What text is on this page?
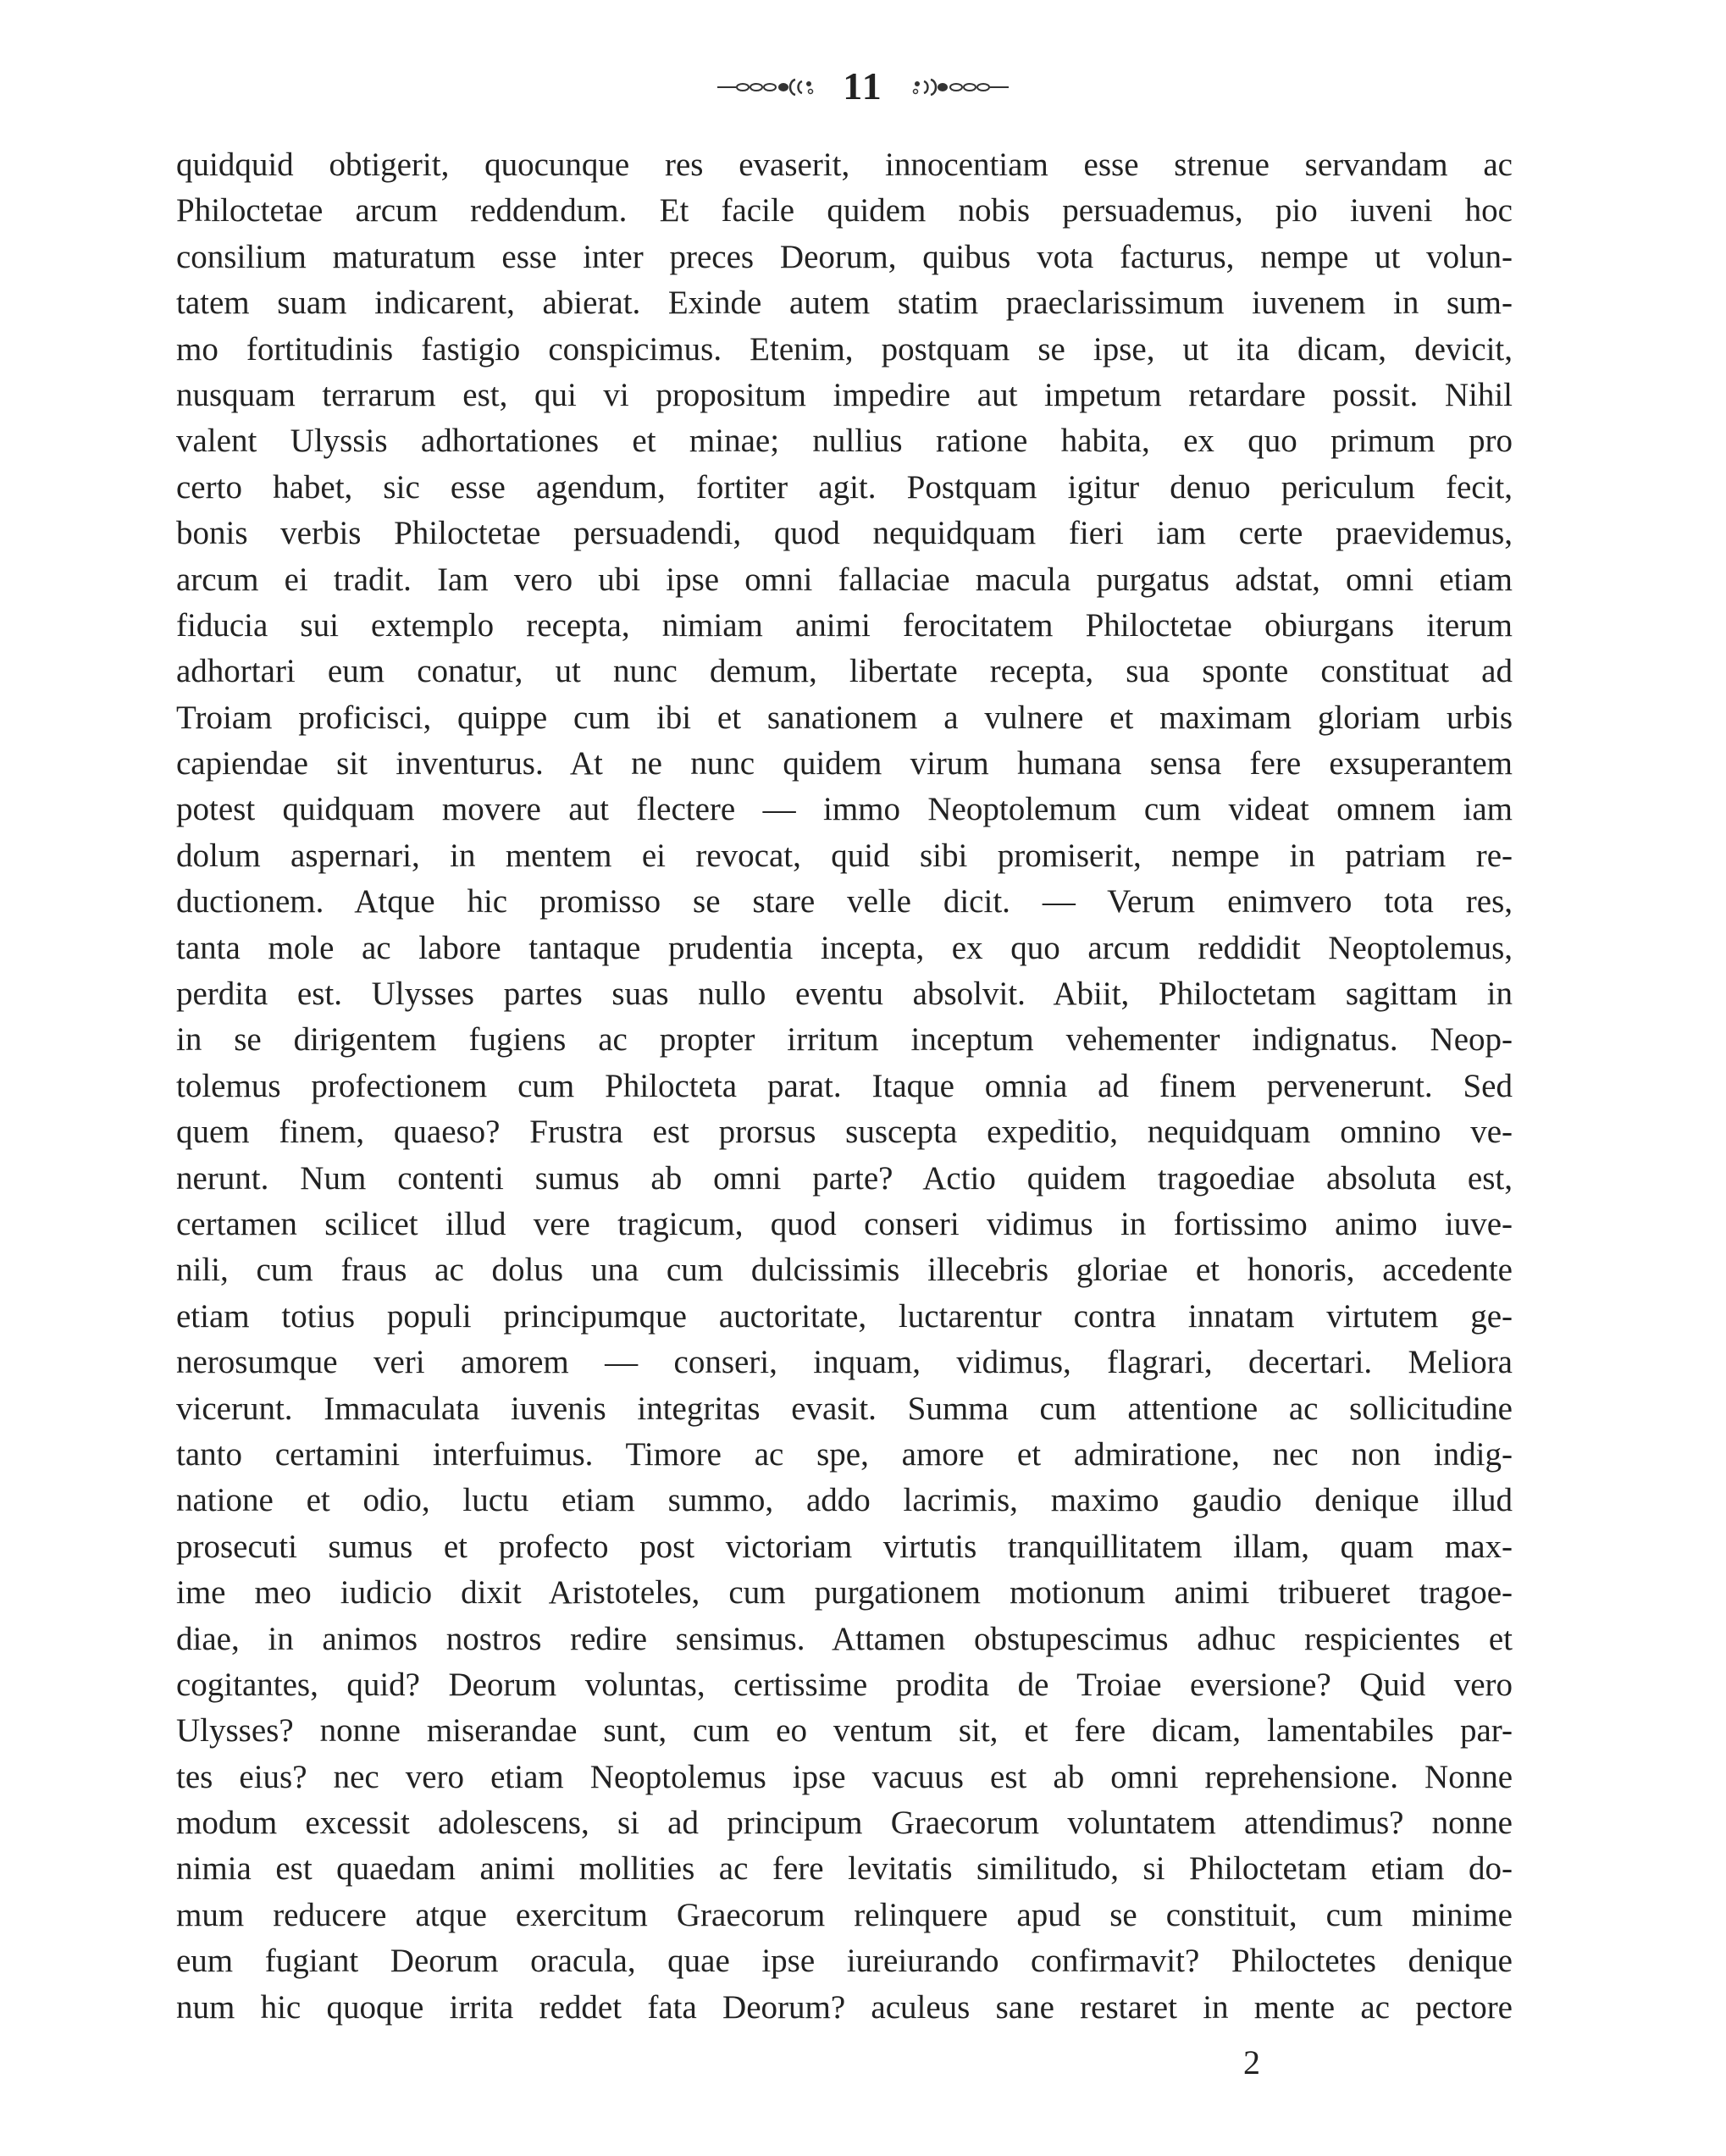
11
quidquid obtigerit, quocunque res evaserit, innocentiam esse strenue servandam ac
Philoctetae arcum reddendum. Et facile quidem nobis persuademus, pio iuveni hoc
consilium maturatum esse inter preces Deorum, quibus vota facturus, nempe ut volun-
tatem suam indicarent, abierat. Exinde autem statim praeclarissimum iuvenem in sum-
mo fortitudinis fastigio conspicimus. Etenim, postquam se ipse, ut ita dicam, devicit,
nusquam terrarum est, qui vi propositum impedire aut impetum retardare possit. Nihil
valent Ulyssis adhortationes et minae; nullius ratione habita, ex quo primum pro
certo habet, sic esse agendum, fortiter agit. Postquam igitur denuo periculum fecit,
bonis verbis Philoctetae persuadendi, quod nequidquam fieri iam certe praevidemus,
arcum ei tradit. Iam vero ubi ipse omni fallaciae macula purgatus adstat, omni etiam
fiducia sui extemplo recepta, nimiam animi ferocitatem Philoctetae obiurgans iterum
adhortari eum conatur, ut nunc demum, libertate recepta, sua sponte constituat ad
Troiam proficisci, quippe cum ibi et sanationem a vulnere et maximam gloriam urbis
capiendae sit inventurus. At ne nunc quidem virum humana sensa fere exsuperantem
potest quidquam movere aut flectere — immo Neoptolemum cum videat omnem iam
dolum aspernari, in mentem ei revocat, quid sibi promiserit, nempe in patriam re-
ductionem. Atque hic promisso se stare velle dicit. — Verum enimvero tota res,
tanta mole ac labore tantaque prudentia incepta, ex quo arcum reddidit Neoptolemus,
perdita est. Ulysses partes suas nullo eventu absolvit. Abiit, Philoctetam sagittam in
in se dirigentem fugiens ac propter irritum inceptum vehementer indignatus. Neop-
tolemus profectionem cum Philocteta parat. Itaque omnia ad finem pervenerunt. Sed
quem finem, quaeso? Frustra est prorsus suscepta expeditio, nequidquam omnino ve-
nerunt. Num contenti sumus ab omni parte? Actio quidem tragoediae absoluta est,
certamen scilicet illud vere tragicum, quod conseri vidimus in fortissimo animo iuve-
nili, cum fraus ac dolus una cum dulcissimis illecebris gloriae et honoris, accedente
etiam totius populi principumque auctoritate, luctarentur contra innatam virtutem ge-
nerosumque veri amorem — conseri, inquam, vidimus, flagrari, decertari. Meliora
vicerunt. Immaculata iuvenis integritas evasit. Summa cum attentione ac sollicitudine
tanto certamini interfuimus. Timore ac spe, amore et admiratione, nec non indig-
natione et odio, luctu etiam summo, addo lacrimis, maximo gaudio denique illud
prosecuti sumus et profecto post victoriam virtutis tranquillitatem illam, quam max-
ime meo iudicio dixit Aristoteles, cum purgationem motionum animi tribueret tragoe-
diae, in animos nostros redire sensimus. Attamen obstupescimus adhuc respicientes et
cogitantes, quid? Deorum voluntas, certissime prodita de Troiae eversione? Quid vero
Ulysses? nonne miserandae sunt, cum eo ventum sit, et fere dicam, lamentabiles par-
tes eius? nec vero etiam Neoptolemus ipse vacuus est ab omni reprehensione. Nonne
modum excessit adolescens, si ad principum Graecorum voluntatem attendimus? nonne
nimia est quaedam animi mollities ac fere levitatis similitudo, si Philoctetam etiam do-
mum reducere atque exercitum Graecorum relinquere apud se constituit, cum minime
eum fugiant Deorum oracula, quae ipse iureiurando confirmavit? Philoctetes denique
num hic quoque irrita reddet fata Deorum? aculeus sane restaret in mente ac pectore
2
